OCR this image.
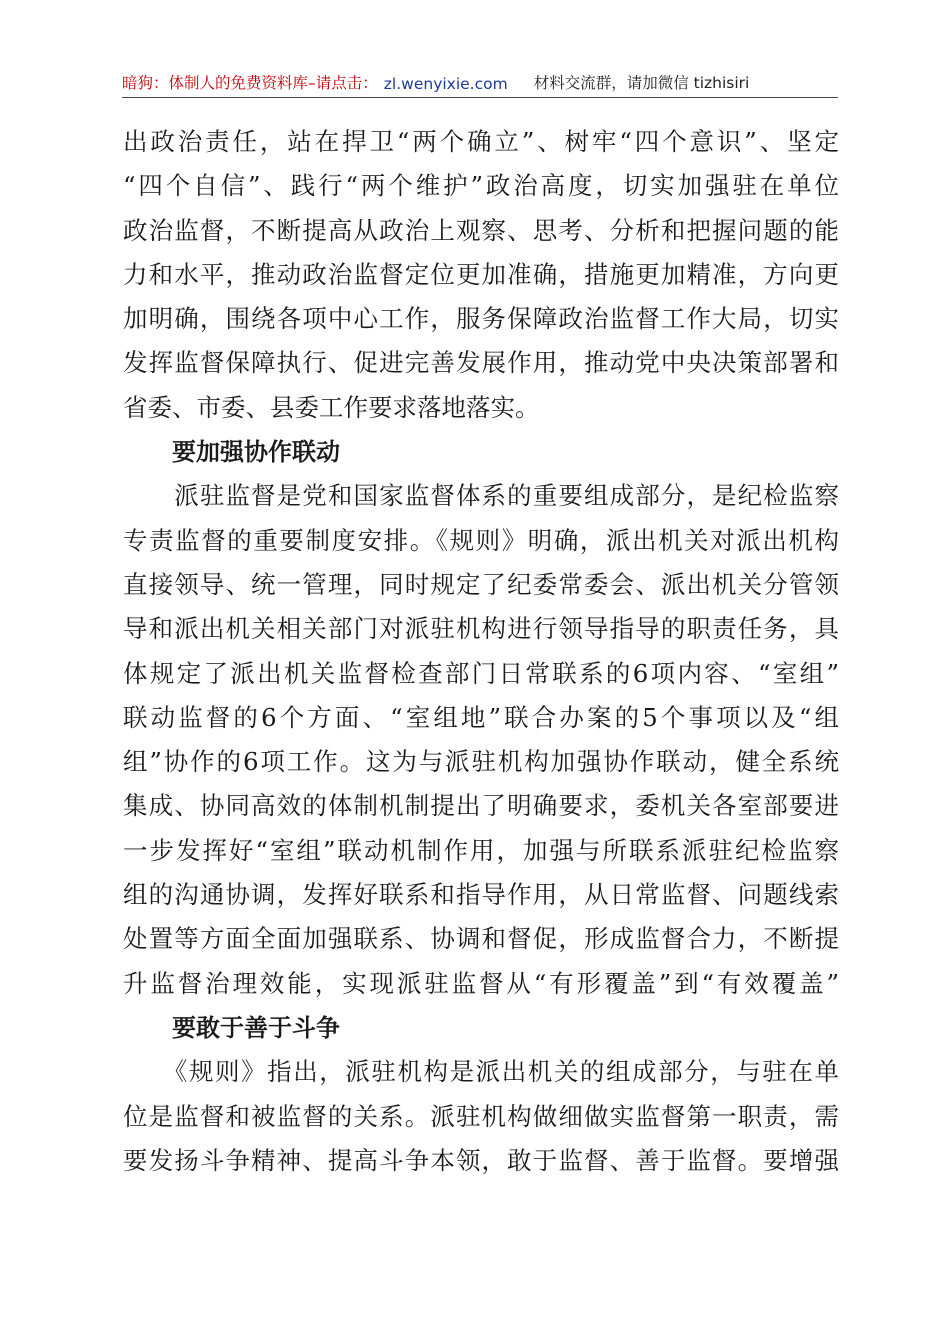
暗狗：体制人的免费资料库 –请点击： zl.wenyixie.com 材料交流群，请加微信 tizhisiri
出政治责任，站在捍卫“两个确立”、树牢“四个意识”、坚定
“四个自信”、践行“两个维护”政治高度，切实加强驻在单位
政治监督，不断提高从政治上观察、思考、分析和把握问题的能
力和水平，推动政治监督定位更加准确，措施更加精准，方向更
加明确，围绕各项中心工作，服务保障政治监督工作大局，切实
发挥监督保障执行、促进完善发展作用，推动党中央决策部署和
省委、市委、县委工作要求落地落实。
要加强协作联动
　　派驻监督是党和国家监督体系的重要组成部分，是纪检监察
专责监督的重要制度安排。《规则》明确，派出机关对派出机构
直接领导、统一管理，同时规定了纪委常委会、派出机关分管领
导和派出机关相关部门对派驻机构进行领导指导的职责任务，具
体规定了派出机关监督检查部门日常联系的6项内容、“室组”
联动监督的6个方面、“室组地”联合办案的5个事项以及“组
组”协作的6项工作。这为与派驻机构加强协作联动，健全系统
集成、协同高效的体制机制提出了明确要求，委机关各室部要进
一步发挥好“室组”联动机制作用，加强与所联系派驻纪检监察
组的沟通协调，发挥好联系和指导作用，从日常监督、问题线索
处置等方面全面加强联系、协调和督促，形成监督合力，不断提
升监督治理效能，实现派驻监督从“有形覆盖”到“有效覆盖”
要敢于善于斗争
　　《规则》指出，派驻机构是派出机关的组成部分，与驻在单
位是监督和被监督的关系。派驻机构做细做实监督第一职责，需
要发扬斗争精神、提高斗争本领，敢于监督、善于监督。要增强
